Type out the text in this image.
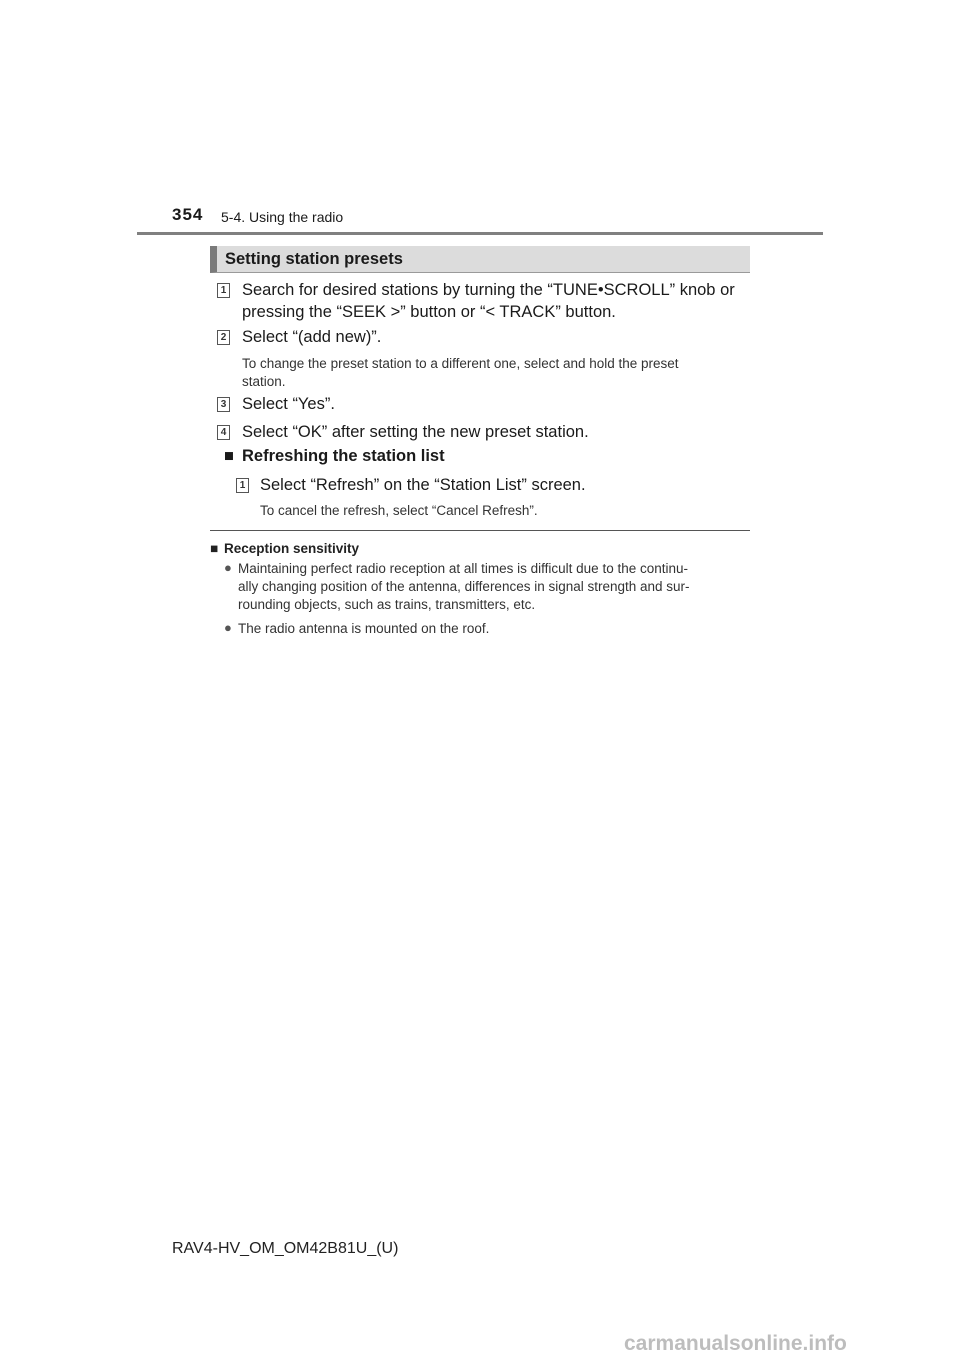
354 5-4. Using the radio
Setting station presets
1 Search for desired stations by turning the “TUNE•SCROLL” knob or
pressing the “SEEK >” button or “< TRACK” button.
2 Select “(add new)”.
To change the preset station to a different one, select and hold the preset
station.
3 Select “Yes”.
4 Select “OK” after setting the new preset station.
■ Refreshing the station list
1 Select “Refresh” on the “Station List” screen.
To cancel the refresh, select “Cancel Refresh”.
■ Reception sensitivity
● Maintaining perfect radio reception at all times is difficult due to the continu-
ally changing position of the antenna, differences in signal strength and sur-
rounding objects, such as trains, transmitters, etc.
● The radio antenna is mounted on the roof.
RAV4-HV_OM_OM42B81U_(U)
carmanualsonline.info
